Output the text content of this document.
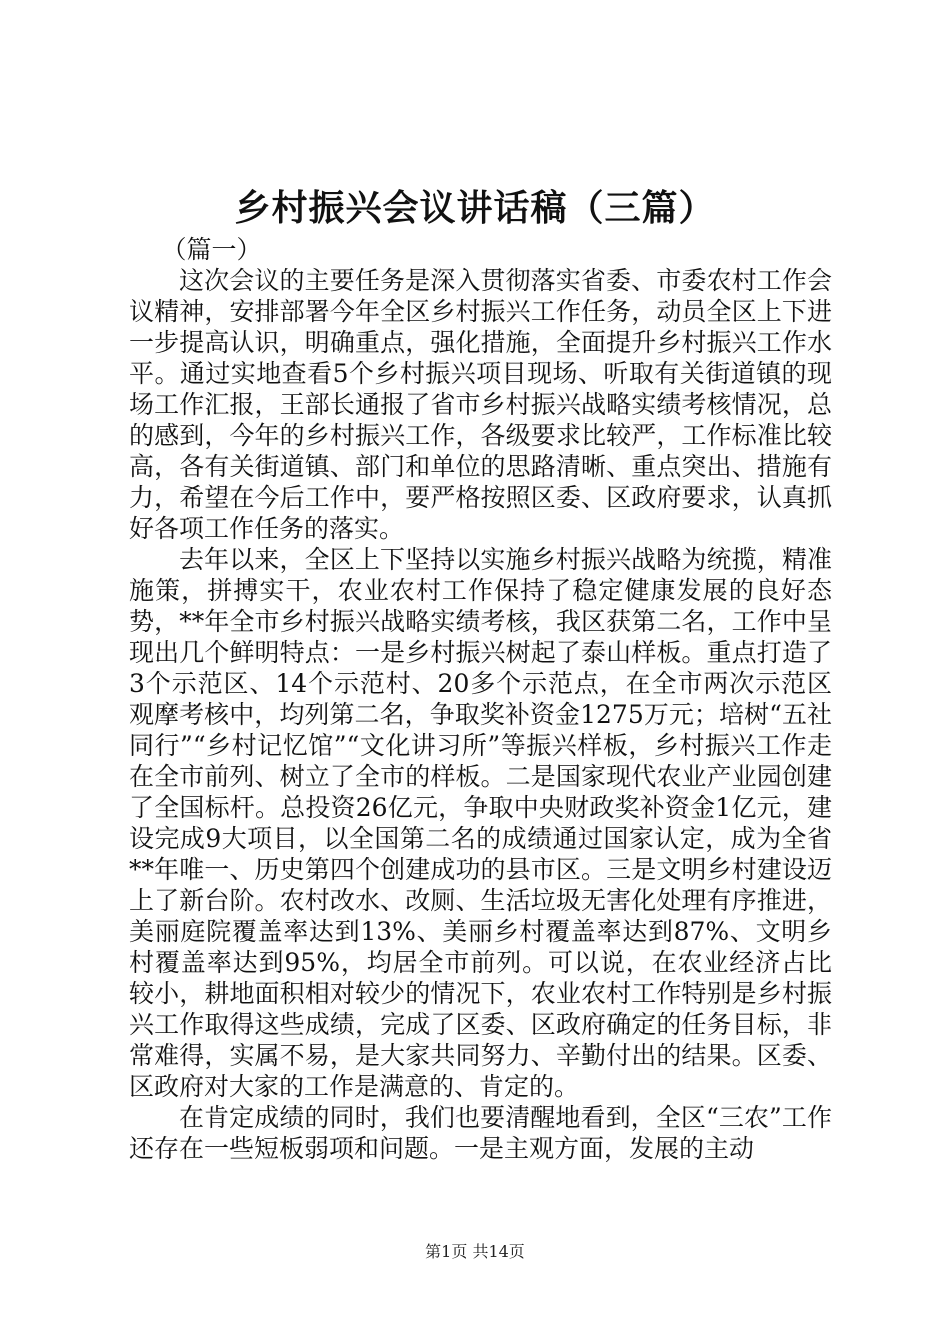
乡村振兴会议讲话稿（三篇）

（篇一）

这次会议的主要任务是深入贯彻落实省委、市委农村工作会议精神，安排部署今年全区乡村振兴工作任务，动员全区上下进一步提高认识，明确重点，强化措施，全面提升乡村振兴工作水平。通过实地查看5个乡村振兴项目现场、听取有关街道镇的现场工作汇报，王部长通报了省市乡村振兴战略实绩考核情况，总的感到，今年的乡村振兴工作，各级要求比较严，工作标准比较高，各有关街道镇、部门和单位的思路清晰、重点突出、措施有力，希望在今后工作中，要严格按照区委、区政府要求，认真抓好各项工作任务的落实。

去年以来，全区上下坚持以实施乡村振兴战略为统揽，精准施策，拼搏实干，农业农村工作保持了稳定健康发展的良好态势，**年全市乡村振兴战略实绩考核，我区获第二名，工作中呈现出几个鲜明特点：一是乡村振兴树起了泰山样板。重点打造了3个示范区、14个示范村、20多个示范点，在全市两次示范区观摩考核中，均列第二名，争取奖补资金1275万元；培树“五社同行”“乡村记忆馆”“文化讲习所”等振兴样板，乡村振兴工作走在全市前列、树立了全市的样板。二是国家现代农业产业园创建了全国标杆。总投资26亿元，争取中央财政奖补资金1亿元，建设完成9大项目，以全国第二名的成绩通过国家认定，成为全省**年唯一、历史第四个创建成功的县市区。三是文明乡村建设迈上了新台阶。农村改水、改厕、生活垃圾无害化处理有序推进，美丽庭院覆盖率达到13%、美丽乡村覆盖率达到87%、文明乡村覆盖率达到95%，均居全市前列。可以说，在农业经济占比较小，耕地面积相对较少的情况下，农业农村工作特别是乡村振兴工作取得这些成绩，完成了区委、区政府确定的任务目标，非常难得，实属不易，是大家共同努力、辛勤付出的结果。区委、区政府对大家的工作是满意的、肯定的。

在肯定成绩的同时，我们也要清醒地看到，全区“三农”工作还存在一些短板弱项和问题。一是主观方面，发展的主动

第1页 共14页
